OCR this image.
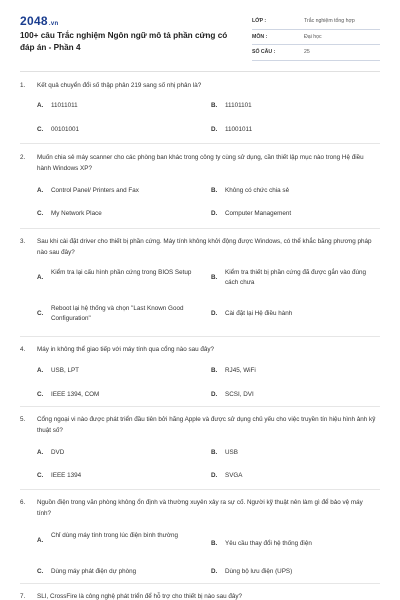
2048.vn
100+ câu Trắc nghiệm Ngôn ngữ mô tả phần cứng có đáp án - Phần 4
LỚP :	Trắc nghiệm tổng hợp
MÔN :	Đại học
SỐ CÂU :	25
1. Kết quả chuyển đổi số thập phân 219 sang số nhị phân là?
A. 11011011	B. 11101101
C. 00101001	D. 11001011
2. Muốn chia sẻ máy scanner cho các phòng ban khác trong công ty cùng sử dụng, cần thiết lập mục nào trong Hệ điều hành Windows XP?
A. Control Panel/ Printers and Fax	B. Không có chức chia sẻ
C. My Network Place	D. Computer Management
3. Sau khi cài đặt driver cho thiết bị phần cứng. Máy tính không khởi động được Windows, có thể khắc băng phương pháp nào sau đây?
A.
Kiểm tra lại cấu hình phần cứng trong BIOS Setup
B.
Kiểm tra thiết bị phần cứng đã được gắn vào đúng cách chưa
C.
Reboot lại hệ thống và chọn "Last Known Good Configuration"
D. Cài đặt lại Hệ điều hành
4. Máy in không thể giao tiếp với máy tính qua cổng nào sau đây?
A. USB, LPT	B. RJ45, WiFi
C. IEEE 1394, COM	D. SCSI, DVI
5. Cổng ngoại vi nào được phát triển đầu tiên bởi hãng Apple và được sử dụng chủ yếu cho việc truyền tín hiệu hình ảnh kỹ thuật số?
A. DVD	B. USB
C. IEEE 1394	D. SVGA
6. Nguồn điện trong văn phòng không ổn định và thường xuyên xảy ra sự cố. Người kỹ thuật nên làm gì để bảo vệ máy tính?
A.
Chỉ dùng máy tính trong lúc điện bình thường
B. Yêu cầu thay đổi hệ thống điện
C. Dùng máy phát điện dự phòng	D. Dùng bộ lưu điện (UPS)
7. SLI, CrossFire là công nghệ phát triển để hỗ trợ cho thiết bị nào sau đây?
